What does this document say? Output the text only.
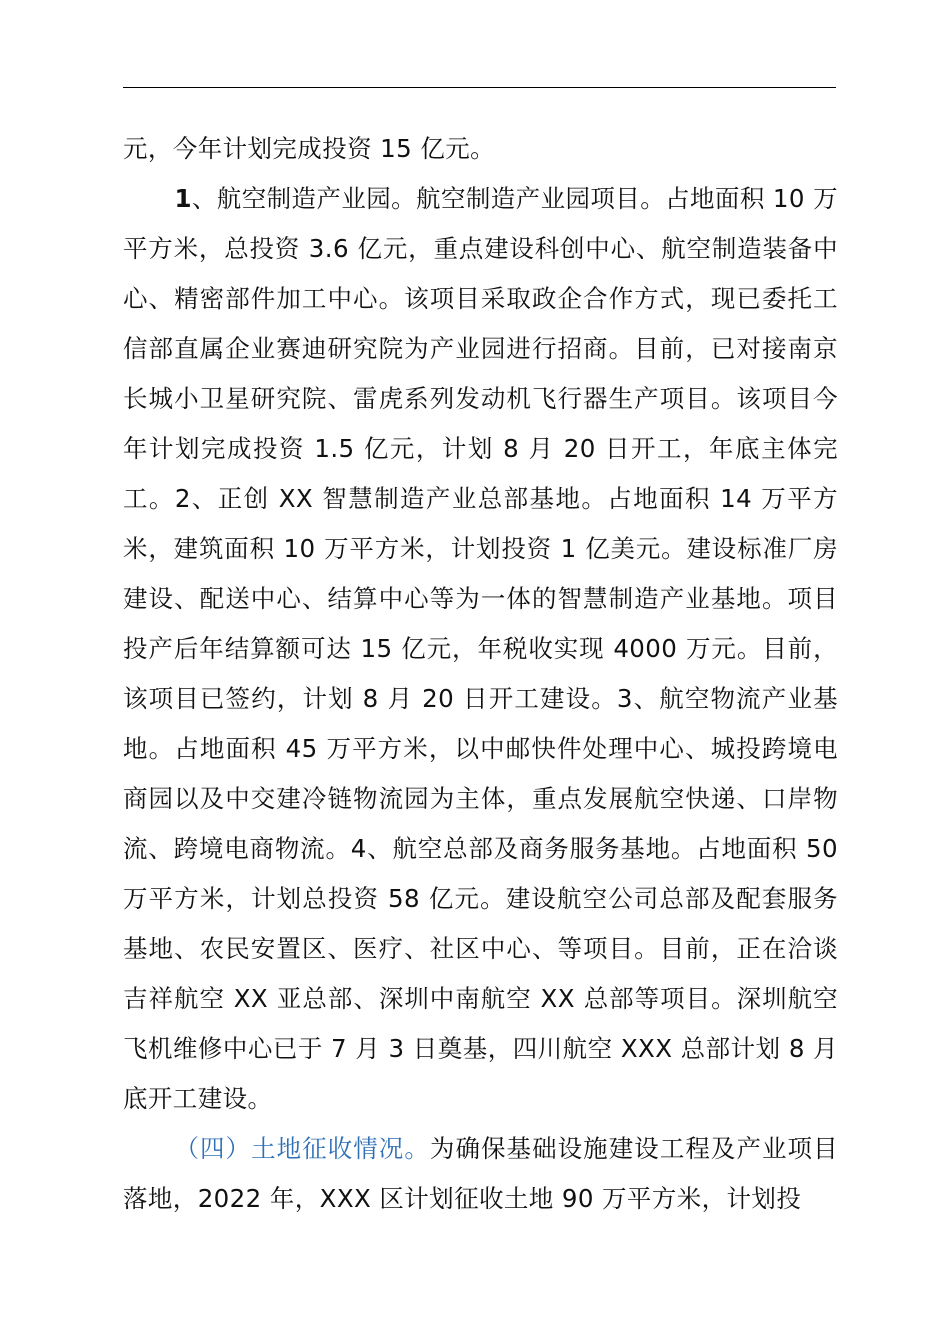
元，今年计划完成投资 15 亿元。

1、航空制造产业园。航空制造产业园项目。占地面积 10 万平方米，总投资 3.6 亿元，重点建设科创中心、航空制造装备中心、精密部件加工中心。该项目采取政企合作方式，现已委托工信部直属企业赛迪研究院为产业园进行招商。目前，已对接南京长城小卫星研究院、雷虎系列发动机飞行器生产项目。该项目今年计划完成投资 1.5 亿元，计划 8 月 20 日开工，年底主体完工。2、正创 XX 智慧制造产业总部基地。占地面积 14 万平方米，建筑面积 10 万平方米，计划投资 1 亿美元。建设标准厂房建设、配送中心、结算中心等为一体的智慧制造产业基地。项目投产后年结算额可达 15 亿元，年税收实现 4000 万元。目前，该项目已签约，计划 8 月 20 日开工建设。3、航空物流产业基地。占地面积 45 万平方米，以中邮快件处理中心、城投跨境电商园以及中交建冷链物流园为主体，重点发展航空快递、口岸物流、跨境电商物流。4、航空总部及商务服务基地。占地面积 50 万平方米，计划总投资 58 亿元。建设航空公司总部及配套服务基地、农民安置区、医疗、社区中心、等项目。目前，正在洽谈吉祥航空 XX 亚总部、深圳中南航空 XX 总部等项目。深圳航空飞机维修中心已于 7 月 3 日奠基，四川航空 XXX 总部计划 8 月底开工建设。

（四）土地征收情况。为确保基础设施建设工程及产业项目落地，2022 年，XXX 区计划征收土地 90 万平方米，计划投
